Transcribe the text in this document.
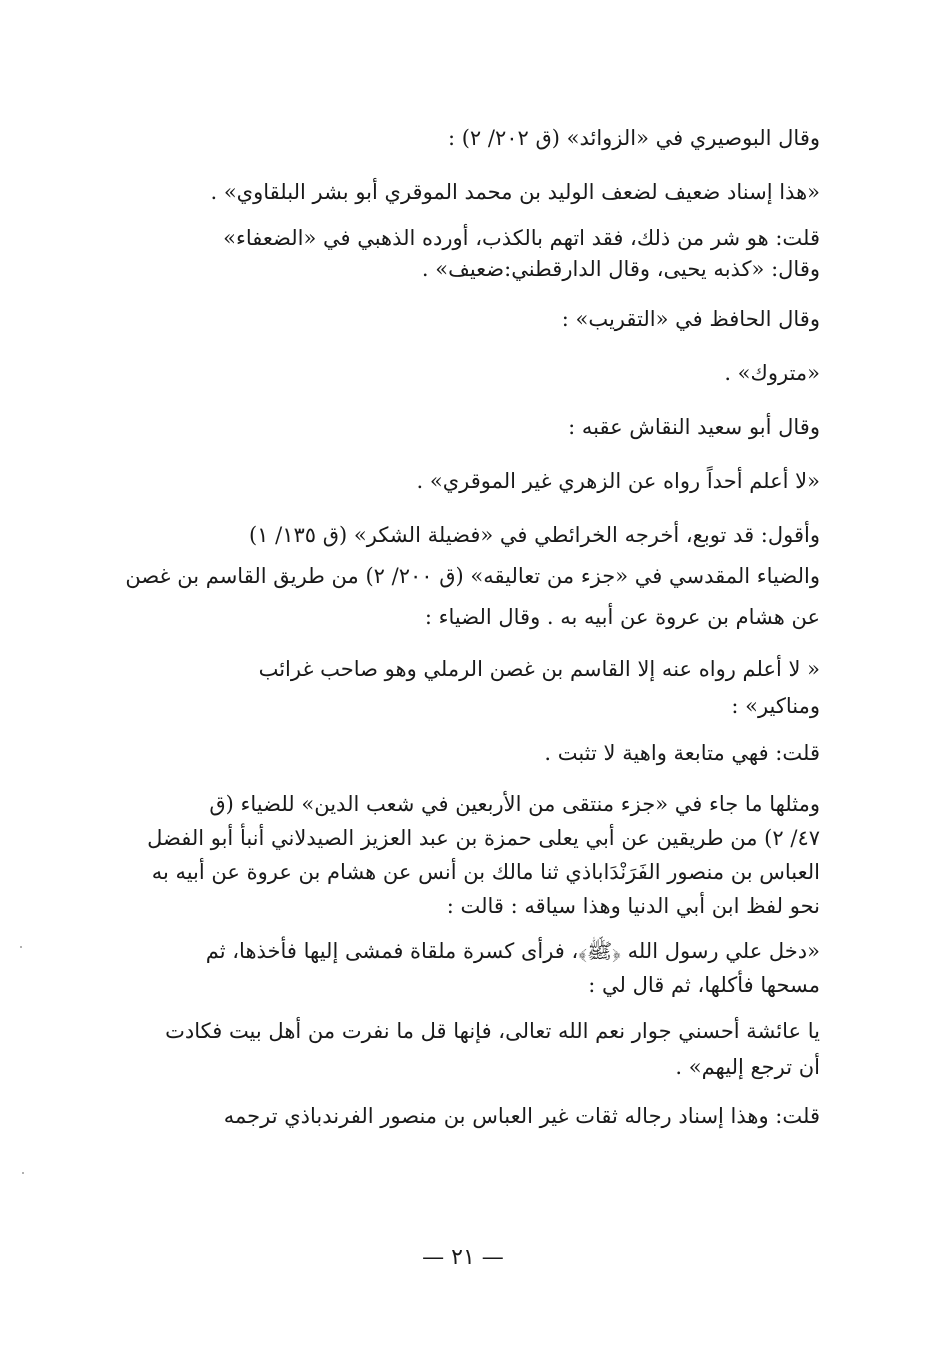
وقال البوصيري في «الزوائد» (ق ٢٠٢/ ٢) :

«هذا إسناد ضعيف لضعف الوليد بن محمد الموقري أبو بشر البلقاوي» .

قلت: هو شر من ذلك، فقد اتهم بالكذب، أورده الذهبي في «الضعفاء»
وقال: «كذبه يحيى، وقال الدارقطني:ضعيف» .

وقال الحافظ في «التقريب» :

«متروك» .

وقال أبو سعيد النقاش عقبه :

«لا أعلم أحداً رواه عن الزهري غير الموقري» .

وأقول: قد توبع، أخرجه الخرائطي في «فضيلة الشكر» (ق ١٣٥/ ١)
والضياء المقدسي في «جزء من تعاليقه» (ق ٢٠٠/ ٢) من طريق القاسم بن غصن
عن هشام بن عروة عن أبيه به . وقال الضياء :

« لا أعلم رواه عنه إلا القاسم بن غصن الرملي وهو صاحب غرائب
ومناكير» :

قلت: فهي متابعة واهية لا تثبت .

ومثلها ما جاء في «جزء منتقى من الأربعين في شعب الدين» للضياء (ق
٤٧/ ٢) من طريقين عن أبي يعلى حمزة بن عبد العزيز الصيدلاني أنبأ أبو الفضل
العباس بن منصور الفَرَنْدَاباذي ثنا مالك بن أنس عن هشام بن عروة عن أبيه به
نحو لفظ ابن أبي الدنيا وهذا سياقه : قالت :

«دخل علي رسول الله ﴿ﷺ﴾، فرأى كسرة ملقاة فمشى إليها فأخذها، ثم
مسحها فأكلها، ثم قال لي :

يا عائشة أحسني جوار نعم الله تعالى، فإنها قل ما نفرت من أهل بيت فكادت
أن ترجع إليهم» .

قلت: وهذا إسناد رجاله ثقات غير العباس بن منصور الفرندباذي ترجمه

— ٢١ —
